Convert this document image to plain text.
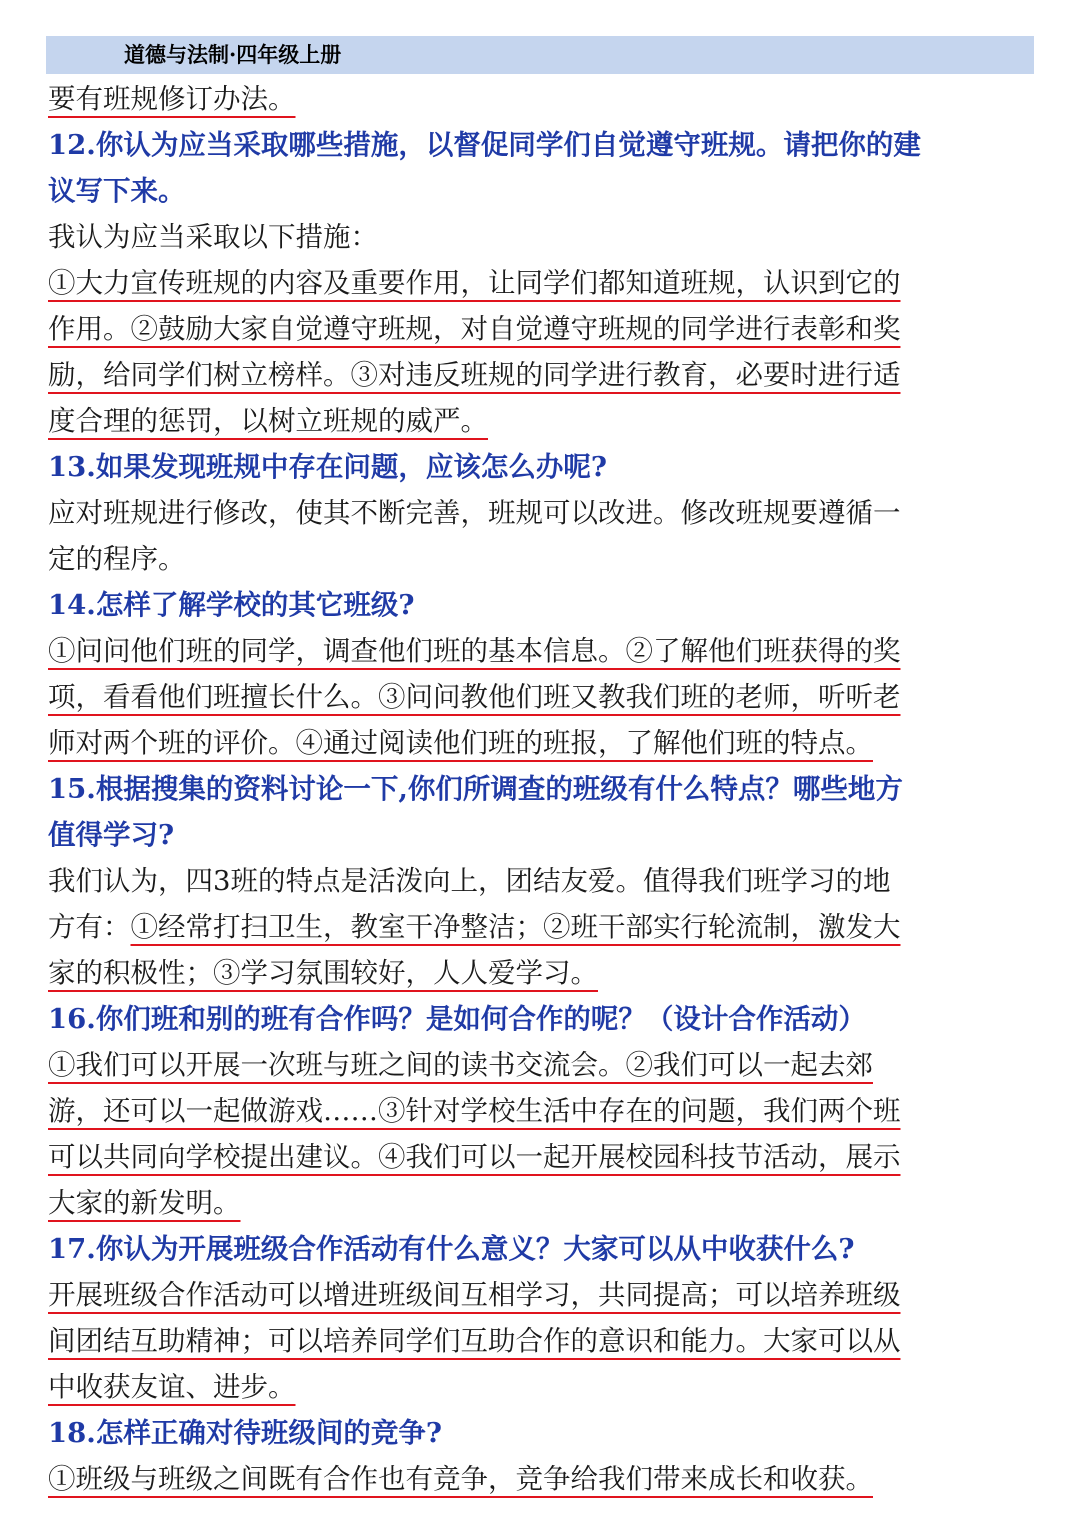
道德与法制·四年级上册
要有班规修订办法。
12.你认为应当采取哪些措施，以督促同学们自觉遵守班规。请把你的建
议写下来。
我认为应当采取以下措施：
①大力宣传班规的内容及重要作用，让同学们都知道班规，认识到它的
作用。②鼓励大家自觉遵守班规，对自觉遵守班规的同学进行表彰和奖
励，给同学们树立榜样。③对违反班规的同学进行教育，必要时进行适
度合理的惩罚，以树立班规的威严。
13.如果发现班规中存在问题，应该怎么办呢?
应对班规进行修改，使其不断完善，班规可以改进。修改班规要遵循一
定的程序。
14.怎样了解学校的其它班级?
①问问他们班的同学，调查他们班的基本信息。②了解他们班获得的奖
项，看看他们班擅长什么。③问问教他们班又教我们班的老师，听听老
师对两个班的评价。④通过阅读他们班的班报，了解他们班的特点。
15.根据搜集的资料讨论一下,你们所调查的班级有什么特点？哪些地方
值得学习?
我们认为，四3班的特点是活泼向上，团结友爱。值得我们班学习的地
方有：①经常打扫卫生，教室干净整洁；②班干部实行轮流制，激发大
家的积极性；③学习氛围较好，人人爱学习。
16.你们班和别的班有合作吗？是如何合作的呢？（设计合作活动）
①我们可以开展一次班与班之间的读书交流会。②我们可以一起去郊
游，还可以一起做游戏……③针对学校生活中存在的问题，我们两个班
可以共同向学校提出建议。④我们可以一起开展校园科技节活动，展示
大家的新发明。
17.你认为开展班级合作活动有什么意义？大家可以从中收获什么?
开展班级合作活动可以增进班级间互相学习，共同提高；可以培养班级
间团结互助精神；可以培养同学们互助合作的意识和能力。大家可以从
中收获友谊、进步。
18.怎样正确对待班级间的竞争?
①班级与班级之间既有合作也有竞争，竞争给我们带来成长和收获。
